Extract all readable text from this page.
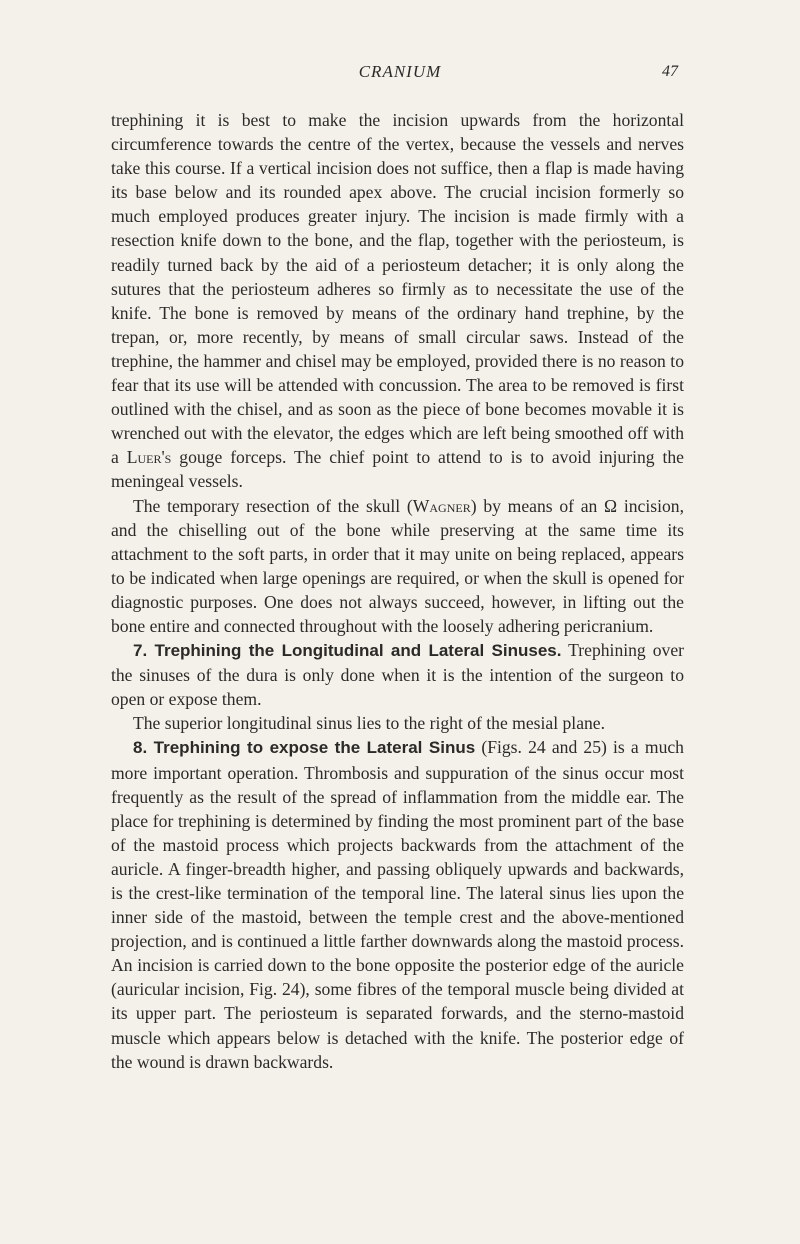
CRANIUM	47

trephining it is best to make the incision upwards from the horizontal circumference towards the centre of the vertex, because the vessels and nerves take this course. If a vertical incision does not suffice, then a flap is made having its base below and its rounded apex above. The crucial incision formerly so much employed produces greater injury. The incision is made firmly with a resection knife down to the bone, and the flap, together with the periosteum, is readily turned back by the aid of a periosteum detacher; it is only along the sutures that the periosteum adheres so firmly as to necessitate the use of the knife. The bone is removed by means of the ordinary hand trephine, by the trepan, or, more recently, by means of small circular saws. Instead of the trephine, the hammer and chisel may be employed, provided there is no reason to fear that its use will be attended with concussion. The area to be removed is first outlined with the chisel, and as soon as the piece of bone becomes movable it is wrenched out with the elevator, the edges which are left being smoothed off with a Luer's gouge forceps. The chief point to attend to is to avoid injuring the meningeal vessels.

The temporary resection of the skull (Wagner) by means of an Ω incision, and the chiselling out of the bone while preserving at the same time its attachment to the soft parts, in order that it may unite on being replaced, appears to be indicated when large openings are required, or when the skull is opened for diagnostic purposes. One does not always succeed, however, in lifting out the bone entire and connected throughout with the loosely adhering pericranium.

7. Trephining the Longitudinal and Lateral Sinuses. Trephining over the sinuses of the dura is only done when it is the intention of the surgeon to open or expose them.

The superior longitudinal sinus lies to the right of the mesial plane.

8. Trephining to expose the Lateral Sinus (Figs. 24 and 25) is a much more important operation. Thrombosis and suppuration of the sinus occur most frequently as the result of the spread of inflammation from the middle ear. The place for trephining is determined by finding the most prominent part of the base of the mastoid process which projects backwards from the attachment of the auricle. A finger-breadth higher, and passing obliquely upwards and backwards, is the crest-like termination of the temporal line. The lateral sinus lies upon the inner side of the mastoid, between the temple crest and the above-mentioned projection, and is continued a little farther downwards along the mastoid process. An incision is carried down to the bone opposite the posterior edge of the auricle (auricular incision, Fig. 24), some fibres of the temporal muscle being divided at its upper part. The periosteum is separated forwards, and the sterno-mastoid muscle which appears below is detached with the knife. The posterior edge of the wound is drawn backwards.
